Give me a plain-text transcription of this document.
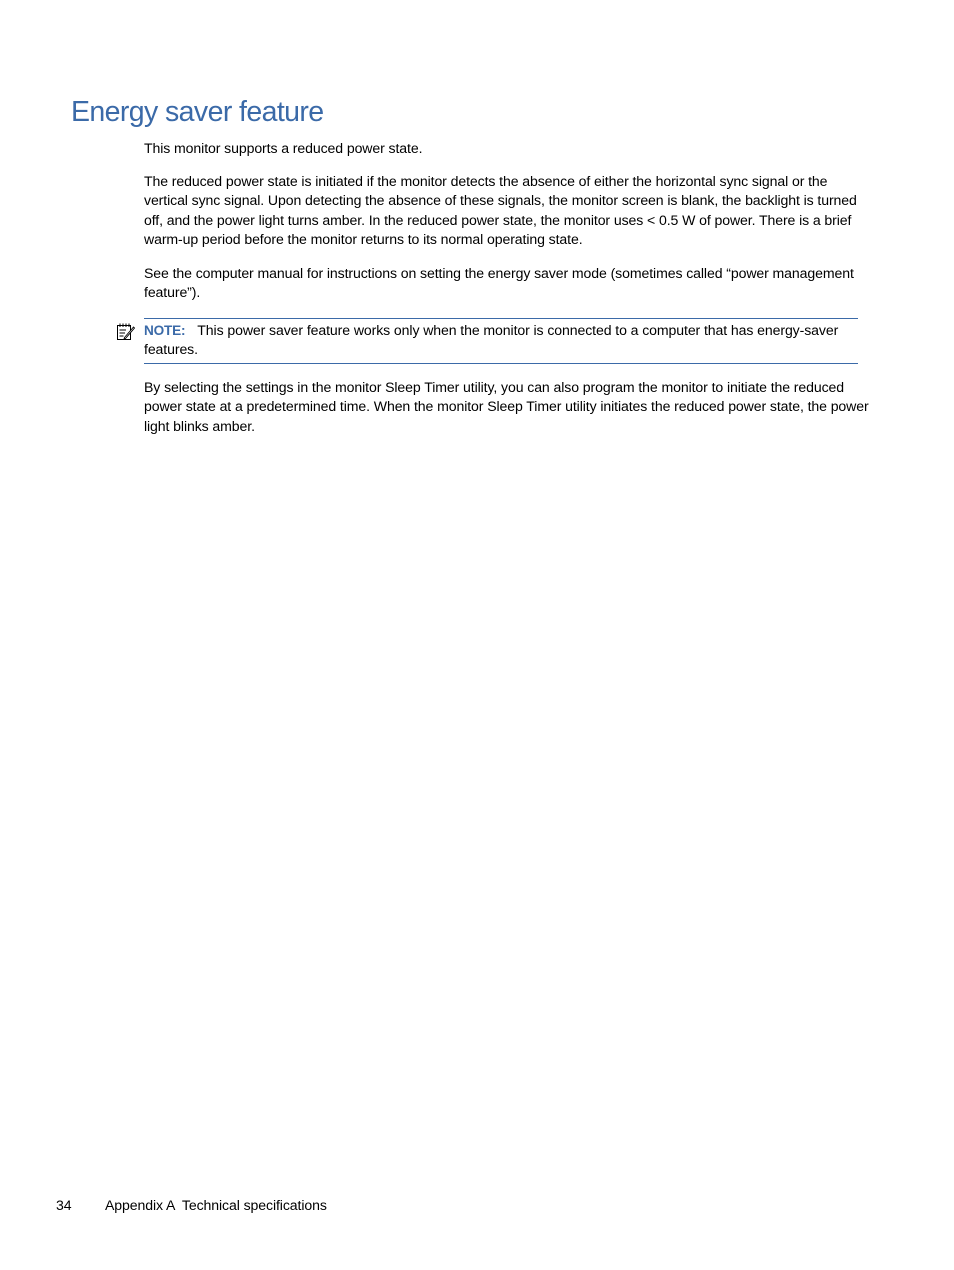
Energy saver feature

This monitor supports a reduced power state.

The reduced power state is initiated if the monitor detects the absence of either the horizontal sync signal or the vertical sync signal. Upon detecting the absence of these signals, the monitor screen is blank, the backlight is turned off, and the power light turns amber. In the reduced power state, the monitor uses < 0.5 W of power. There is a brief warm-up period before the monitor returns to its normal operating state.

See the computer manual for instructions on setting the energy saver mode (sometimes called “power management feature”).

NOTE: This power saver feature works only when the monitor is connected to a computer that has energy-saver features.

By selecting the settings in the monitor Sleep Timer utility, you can also program the monitor to initiate the reduced power state at a predetermined time. When the monitor Sleep Timer utility initiates the reduced power state, the power light blinks amber.

34 Appendix A  Technical specifications
